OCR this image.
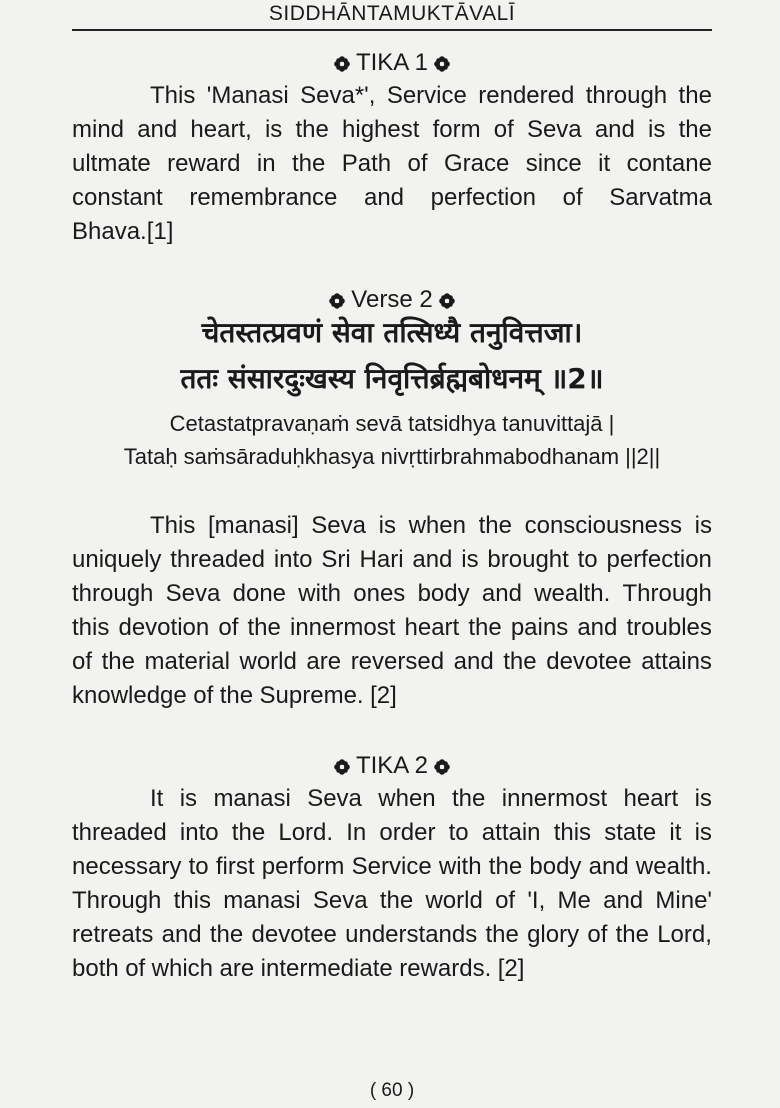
SIDDHĀNTAMUKTĀVALĪ
TIKA 1
This 'Manasi Seva*', Service rendered through the
mind and heart, is the highest form of Seva and is the
ultmate reward in the Path of Grace since it contane
constant remembrance and perfection of Sarvatma
Bhava.[1]
Verse 2
चेतस्तत्प्रवणं सेवा तत्सिध्यै तनुवित्तजा।
ततः संसारदुःखस्य निवृत्तिर्ब्रह्मबोधनम् ॥2॥
Cetastatpravaṇaṁ sevā tatsidhya tanuvittajā |
Tataḥ saṁsāraduḥkhasya nivṛttirbrahmabodhanam ||2||
This [manasi] Seva is when the consciousness is
uniquely threaded into Sri Hari and is brought to perfection
through Seva done with ones body and wealth. Through
this devotion of the innermost heart the pains and troubles
of the material world are reversed and the devotee attains
knowledge of the Supreme. [2]
TIKA 2
It is manasi Seva when the innermost heart is
threaded into the Lord. In order to attain this state it is
necessary to first perform Service with the body and wealth.
Through this manasi Seva the world of 'I, Me and Mine'
retreats and the devotee understands the glory of the Lord,
both of which are intermediate rewards. [2]
( 60 )
